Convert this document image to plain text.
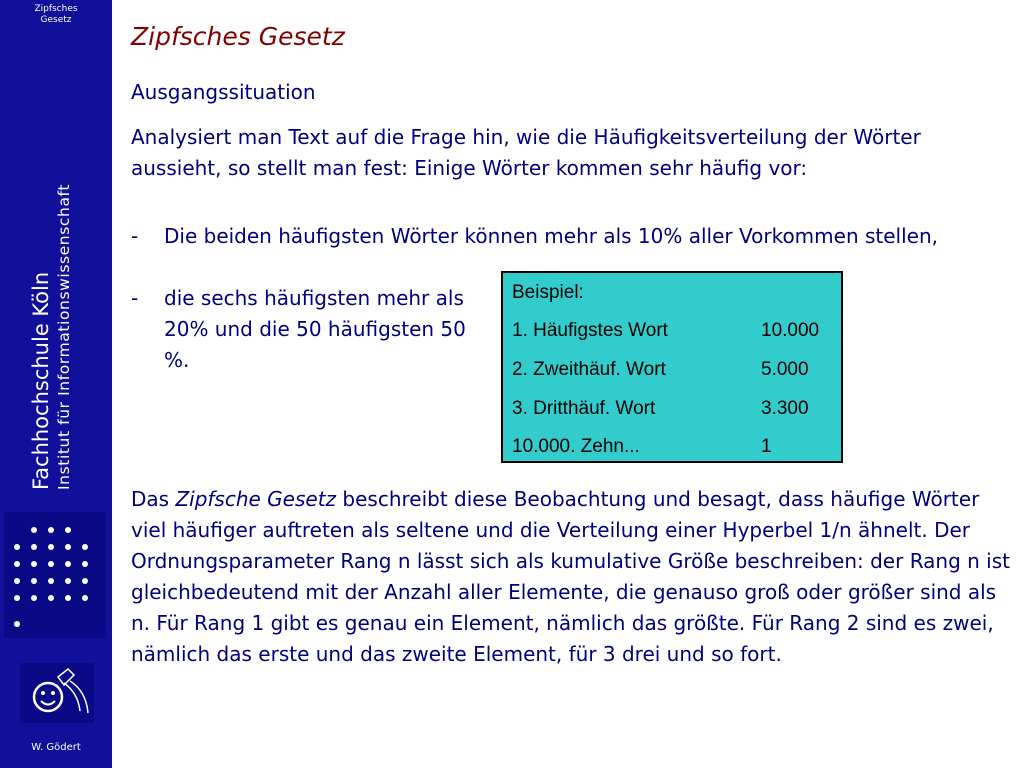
Zipfsches
Gesetz
Fachhochschule Köln Institut für Informationswissenschaft
W. Gödert
Zipfsches Gesetz
Ausgangssituation
Analysiert man Text auf die Frage hin, wie die Häufigkeitsverteilung der Wörter aussieht, so stellt man fest: Einige Wörter kommen sehr häufig vor:
- Die beiden häufigsten Wörter können mehr als 10% aller Vorkommen stellen,
- die sechs häufigsten mehr als 20% und die 50 häufigsten 50 %.
Das Zipfsche Gesetz beschreibt diese Beobachtung und besagt, dass häufige Wörter viel häufiger auftreten als seltene und die Verteilung einer Hyperbel 1/n ähnelt. Der Ordnungsparameter Rang n lässt sich als kumulative Größe beschreiben: der Rang n ist gleichbedeutend mit der Anzahl aller Elemente, die genauso groß oder größer sind als n. Für Rang 1 gibt es genau ein Element, nämlich das größte. Für Rang 2 sind es zwei, nämlich das erste und das zweite Element, für 3 drei und so fort.
Beispiel:
1. Häufigstes Wort	10.000
2. Zweithäuf. Wort	5.000
3. Dritthäuf. Wort	3.300
10.000. Zehn...	1
